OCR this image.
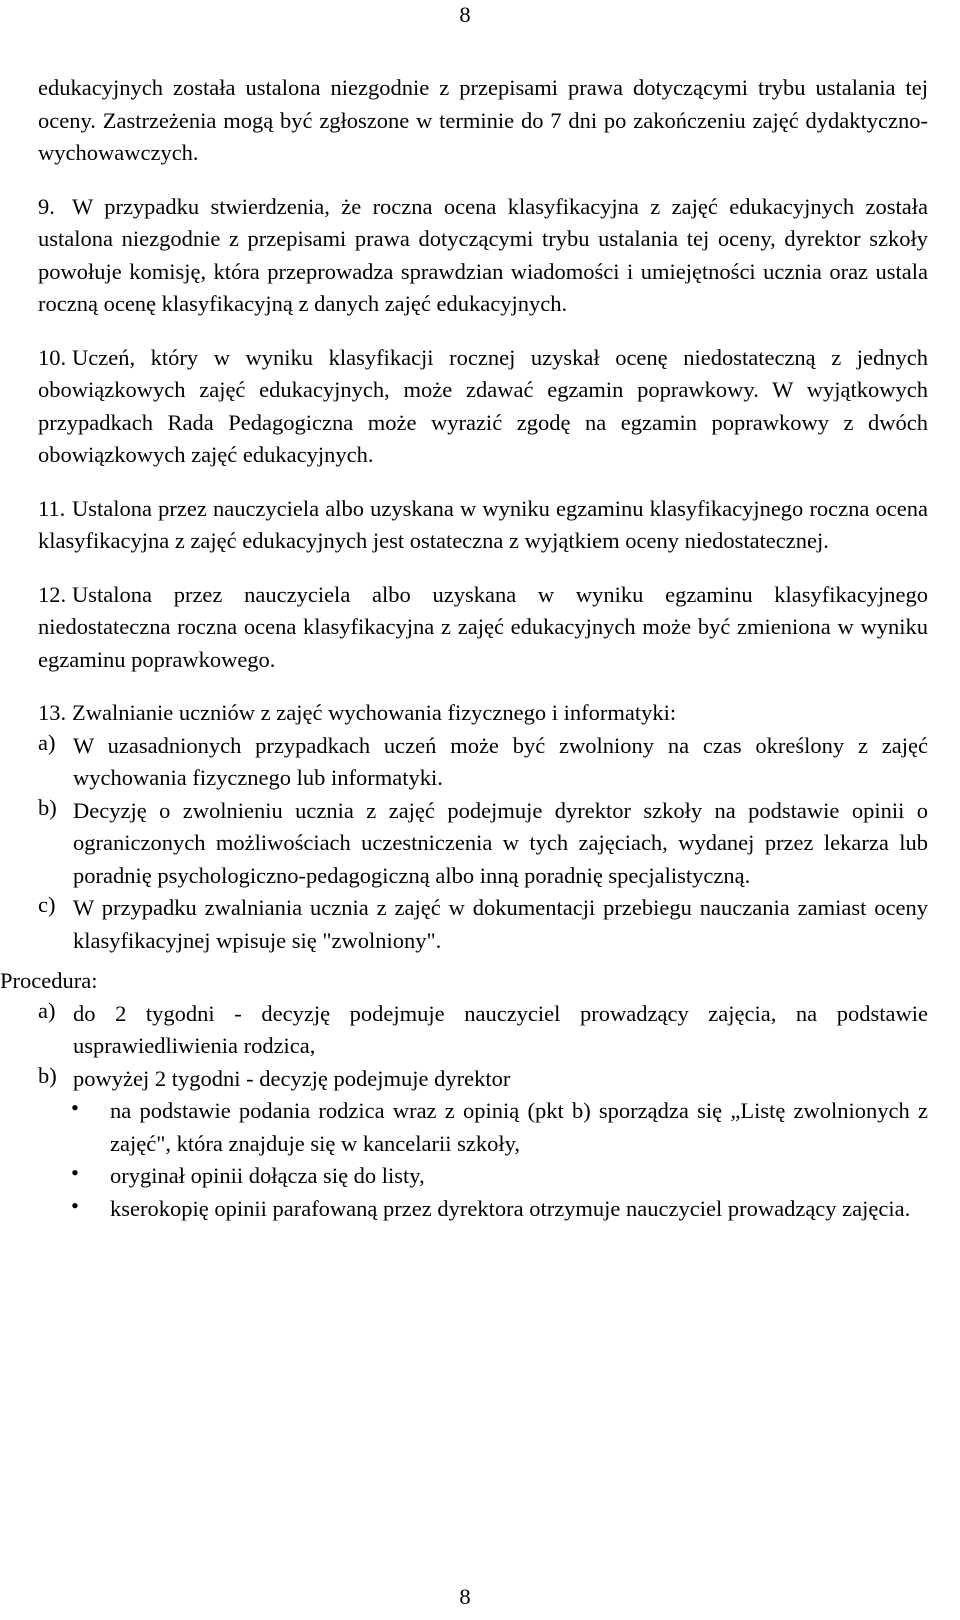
8

edukacyjnych została ustalona niezgodnie z przepisami prawa dotyczącymi trybu ustalania tej oceny. Zastrzeżenia mogą być zgłoszone w terminie do 7 dni po zakończeniu zajęć dydaktyczno-wychowawczych.

9. W przypadku stwierdzenia, że roczna ocena klasyfikacyjna z zajęć edukacyjnych została ustalona niezgodnie z przepisami prawa dotyczącymi trybu ustalania tej oceny, dyrektor szkoły powołuje komisję, która przeprowadza sprawdzian wiadomości i umiejętności ucznia oraz ustala roczną ocenę klasyfikacyjną z danych zajęć edukacyjnych.

10. Uczeń, który w wyniku klasyfikacji rocznej uzyskał ocenę niedostateczną z jednych obowiązkowych zajęć edukacyjnych, może zdawać egzamin poprawkowy. W wyjątkowych przypadkach Rada Pedagogiczna może wyrazić zgodę na egzamin poprawkowy z dwóch obowiązkowych zajęć edukacyjnych.

11. Ustalona przez nauczyciela albo uzyskana w wyniku egzaminu klasyfikacyjnego roczna ocena klasyfikacyjna z zajęć edukacyjnych jest ostateczna z wyjątkiem oceny niedostatecznej.

12. Ustalona przez nauczyciela albo uzyskana w wyniku egzaminu klasyfikacyjnego niedostateczna roczna ocena klasyfikacyjna z zajęć edukacyjnych może być zmieniona w wyniku egzaminu poprawkowego.

13. Zwalnianie uczniów z zajęć wychowania fizycznego i informatyki:

a) W uzasadnionych przypadkach uczeń może być zwolniony na czas określony z zajęć wychowania fizycznego lub informatyki.

b) Decyzję o zwolnieniu ucznia z zajęć podejmuje dyrektor szkoły na podstawie opinii o ograniczonych możliwościach uczestniczenia w tych zajęciach, wydanej przez lekarza lub poradnię psychologiczno-pedagogiczną albo inną poradnię specjalistyczną.

c) W przypadku zwalniania ucznia z zajęć w dokumentacji przebiegu nauczania zamiast oceny klasyfikacyjnej wpisuje się "zwolniony".

Procedura:

a) do 2 tygodni - decyzję podejmuje nauczyciel prowadzący zajęcia, na podstawie usprawiedliwienia rodzica,

b) powyżej 2 tygodni - decyzję podejmuje dyrektor

• na podstawie podania rodzica wraz z opinią (pkt b) sporządza się „Listę zwolnionych z zajęć", która znajduje się w kancelarii szkoły,

• oryginał opinii dołącza się do listy,

• kserokopię opinii parafowaną przez dyrektora otrzymuje nauczyciel prowadzący zajęcia.

8
